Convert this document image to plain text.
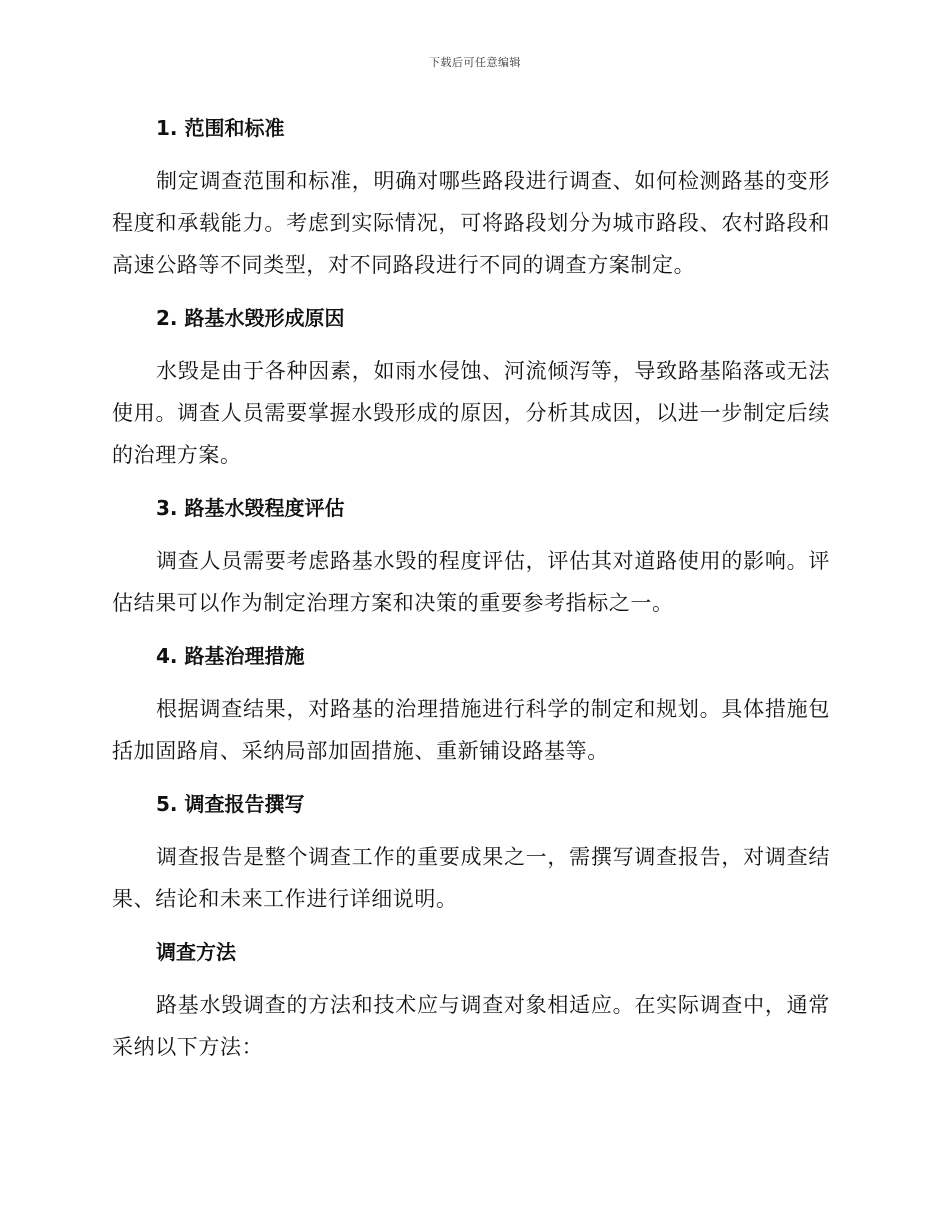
下载后可任意编辑

1. 范围和标准

制定调查范围和标准，明确对哪些路段进行调查、如何检测路基的变形程度和承载能力。考虑到实际情况，可将路段划分为城市路段、农村路段和高速公路等不同类型，对不同路段进行不同的调查方案制定。

2. 路基水毁形成原因

水毁是由于各种因素，如雨水侵蚀、河流倾泻等，导致路基陷落或无法使用。调查人员需要掌握水毁形成的原因，分析其成因，以进一步制定后续的治理方案。

3. 路基水毁程度评估

调查人员需要考虑路基水毁的程度评估，评估其对道路使用的影响。评估结果可以作为制定治理方案和决策的重要参考指标之一。

4. 路基治理措施

根据调查结果，对路基的治理措施进行科学的制定和规划。具体措施包括加固路肩、采纳局部加固措施、重新铺设路基等。

5. 调查报告撰写

调查报告是整个调查工作的重要成果之一，需撰写调查报告，对调查结果、结论和未来工作进行详细说明。

调查方法

路基水毁调查的方法和技术应与调查对象相适应。在实际调查中，通常采纳以下方法：
